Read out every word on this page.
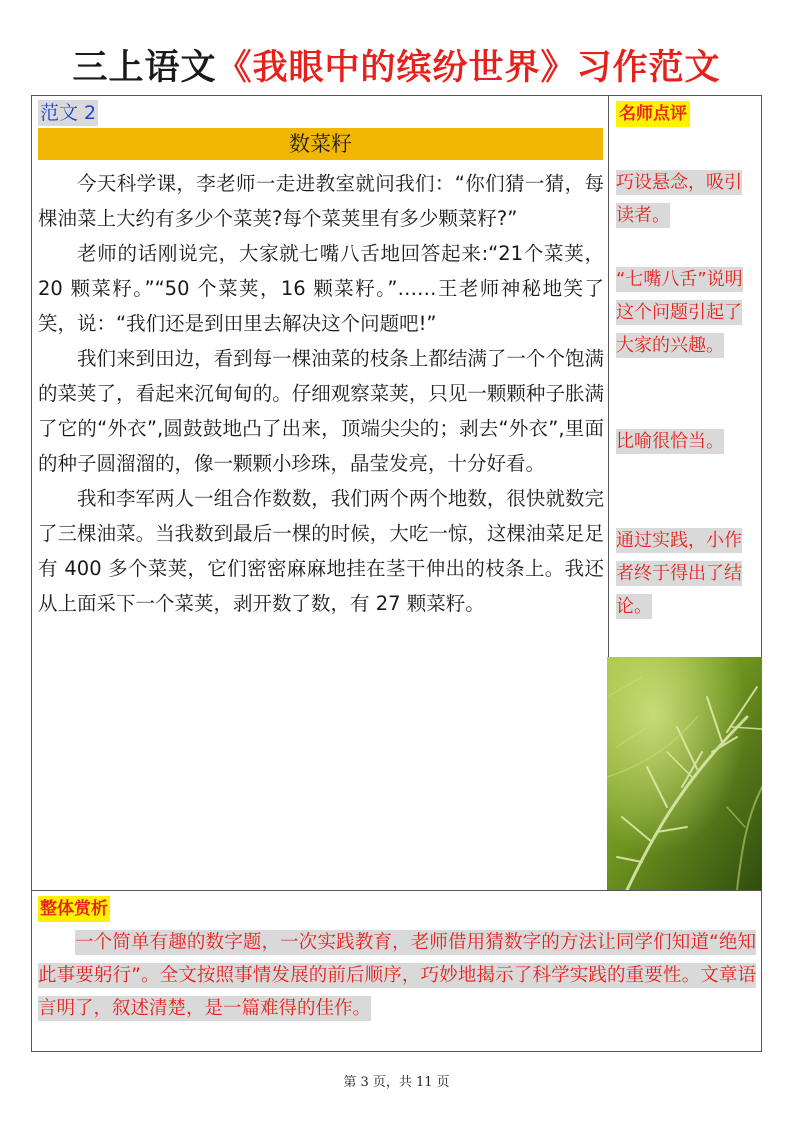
三上语文《我眼中的缤纷世界》习作范文
范文 2
数菜籽

今天科学课，李老师一走进教室就问我们：“你们猜一猜，每棵油菜上大约有多少个菜荚?每个菜荚里有多少颗菜籽?”

老师的话刚说完，大家就七嘴八舌地回答起来:“21个菜荚，20 颗菜籽。”“50 个菜荚，16 颗菜籽。”……王老师神秘地笑了笑，说：“我们还是到田里去解决这个问题吧!”

我们来到田边，看到每一棵油菜的枝条上都结满了一个个饱满的菜荚了，看起来沉甸甸的。仔细观察菜荚，只见一颗颗种子胀满了它的“外衣”,圆鼓鼓地凸了出来，顶端尖尖的；剥去“外衣”,里面的种子圆溜溜的，像一颗颗小珍珠，晶莹发亮，十分好看。

我和李军两人一组合作数数，我们两个两个地数，很快就数完了三棵油菜。当我数到最后一棵的时候，大吃一惊，这棵油菜足足有 400 多个菜荚，它们密密麻麻地挂在茎干伸出的枝条上。我还从上面采下一个菜荚，剥开数了数，有 27 颗菜籽。

名师点评
巧设悬念，吸引读者。
“七嘴八舌”说明这个问题引起了大家的兴趣。
比喻很恰当。
通过实践，小作者终于得出了结论。
整体赏析
一个简单有趣的数字题，一次实践教育，老师借用猜数字的方法让同学们知道“绝知此事要躬行”。全文按照事情发展的前后顺序，巧妙地揭示了科学实践的重要性。文章语言明了，叙述清楚，是一篇难得的佳作。
第 3 页，共 11 页
